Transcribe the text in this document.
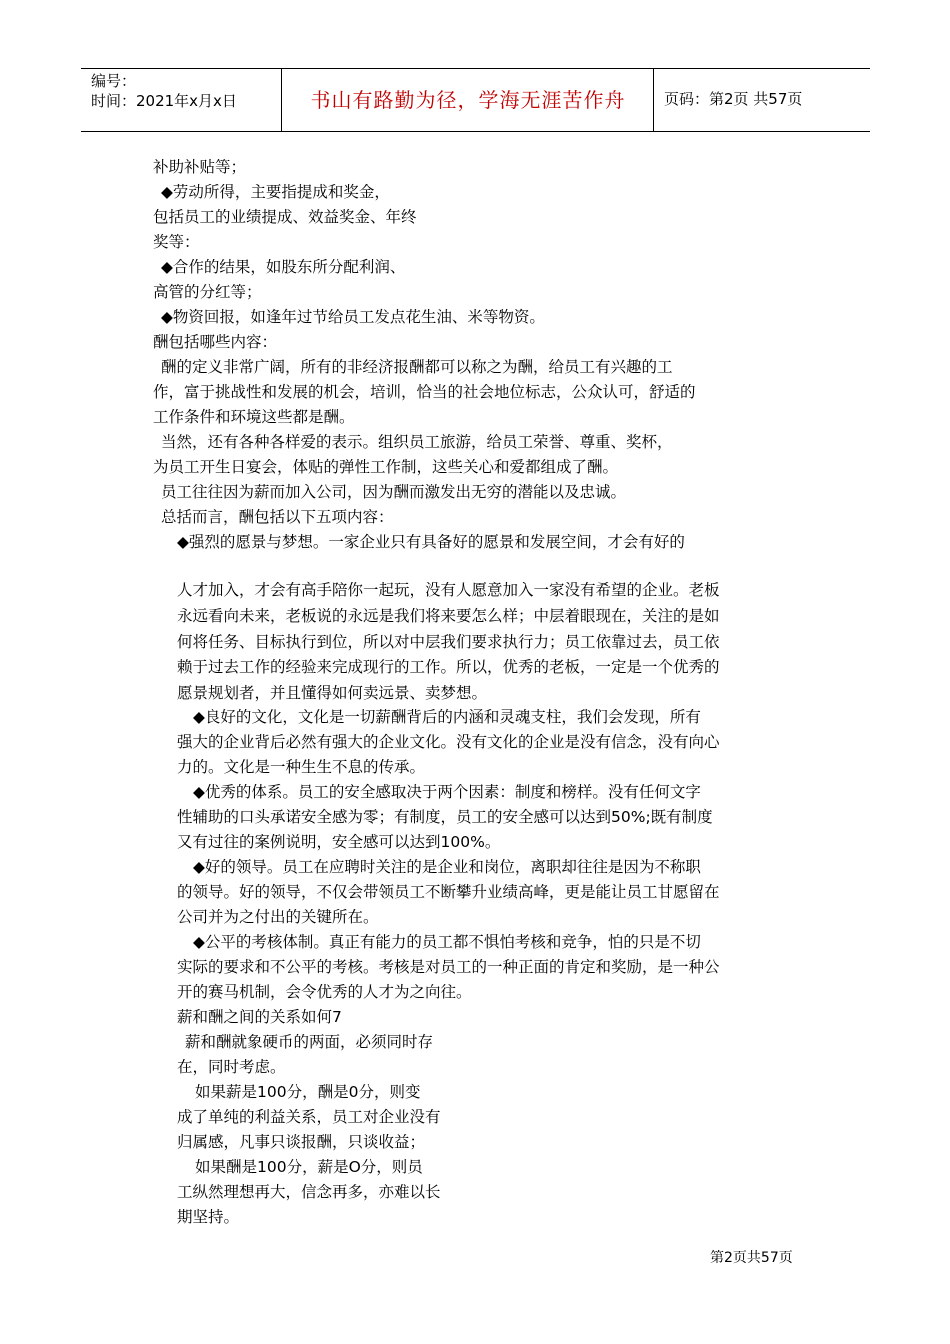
编号：
时间：2021年x月x日	书山有路勤为径，学海无涯苦作舟	页码：第2页 共57页
补助补贴等；
◆劳动所得，主要指提成和奖金，
包括员工的业绩提成、效益奖金、年终
奖等：
◆合作的结果，如股东所分配利润、
高管的分红等；
◆物资回报，如逢年过节给员工发点花生油、米等物资。
酬包括哪些内容：
酬的定义非常广阔，所有的非经济报酬都可以称之为酬，给员工有兴趣的工
作，富于挑战性和发展的机会，培训，恰当的社会地位标志，公众认可，舒适的
工作条件和环境这些都是酬。
当然，还有各种各样爱的表示。组织员工旅游，给员工荣誉、尊重、奖杯，
为员工开生日宴会，体贴的弹性工作制，这些关心和爱都组成了酬。
员工往往因为薪而加入公司，因为酬而激发出无穷的潜能以及忠诚。
总括而言，酬包括以下五项内容：
◆强烈的愿景与梦想。一家企业只有具备好的愿景和发展空间，才会有好的
人才加入，才会有高手陪你一起玩，没有人愿意加入一家没有希望的企业。老板
永远看向未来，老板说的永远是我们将来要怎么样；中层着眼现在，关注的是如
何将任务、目标执行到位，所以对中层我们要求执行力；员工依靠过去，员工依
赖于过去工作的经验来完成现行的工作。所以，优秀的老板，一定是一个优秀的
愿景规划者，并且懂得如何卖远景、卖梦想。
◆良好的文化，文化是一切薪酬背后的内涵和灵魂支柱，我们会发现，所有
强大的企业背后必然有强大的企业文化。没有文化的企业是没有信念，没有向心
力的。文化是一种生生不息的传承。
◆优秀的体系。员工的安全感取决于两个因素：制度和榜样。没有任何文字
性辅助的口头承诺安全感为零；有制度，员工的安全感可以达到50%;既有制度
又有过往的案例说明，安全感可以达到100%。
◆好的领导。员工在应聘时关注的是企业和岗位，离职却往往是因为不称职
的领导。好的领导，不仅会带领员工不断攀升业绩高峰，更是能让员工甘愿留在
公司并为之付出的关键所在。
◆公平的考核体制。真正有能力的员工都不惧怕考核和竞争，怕的只是不切
实际的要求和不公平的考核。考核是对员工的一种正面的肯定和奖励，是一种公
开的赛马机制，会令优秀的人才为之向往。
薪和酬之间的关系如何7
薪和酬就象硬币的两面，必须同时存
在，同时考虑。
如果薪是100分，酬是0分，则变
成了单纯的利益关系，员工对企业没有
归属感，凡事只谈报酬，只谈收益；
如果酬是100分，薪是O分，则员
工纵然理想再大，信念再多，亦难以长
期坚持。
第2页共57页
